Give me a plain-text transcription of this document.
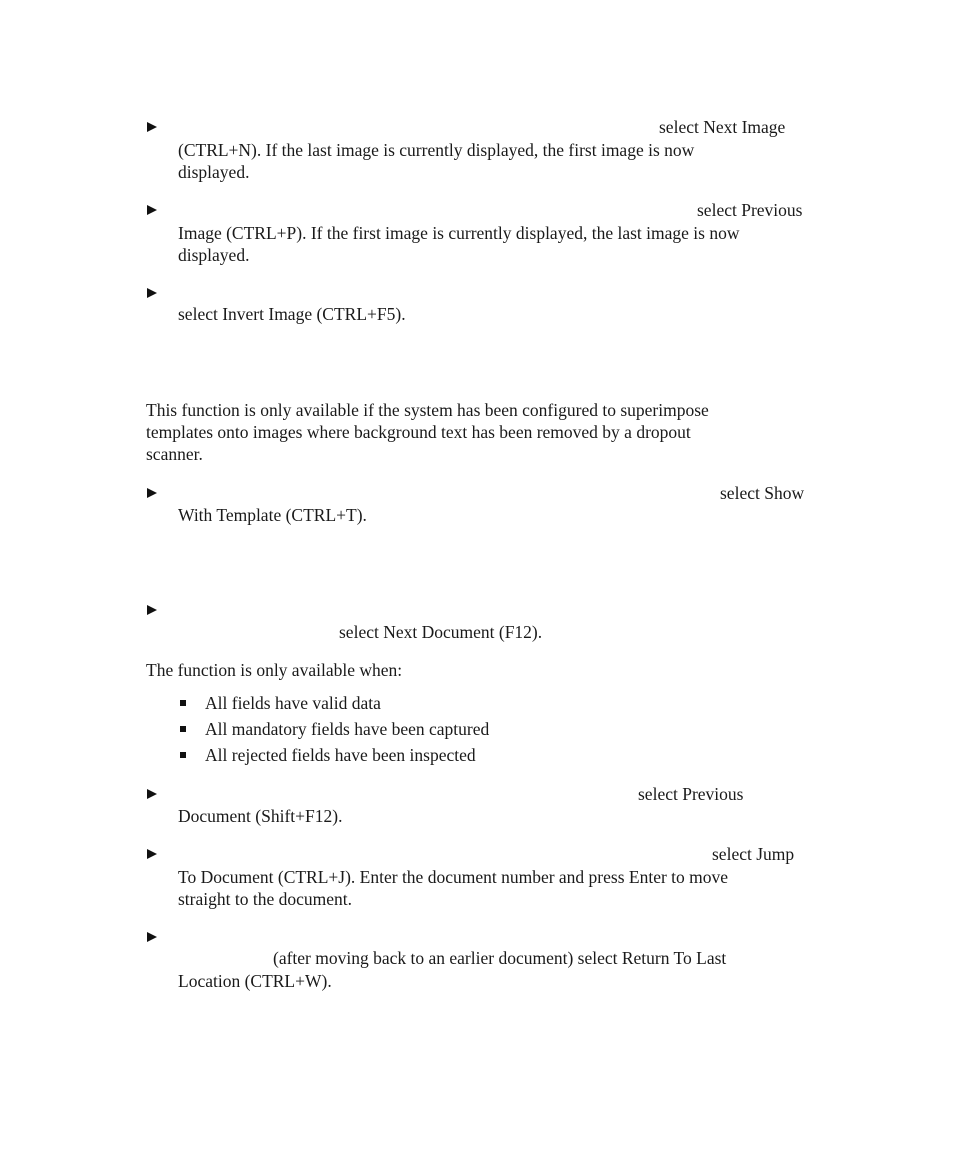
select Next Image
(CTRL+N). If the last image is currently displayed, the first image is now
displayed.
select Previous
Image (CTRL+P). If the first image is currently displayed, the last image is now
displayed.
select Invert Image (CTRL+F5).
This function is only available if the system has been configured to superimpose
templates onto images where background text has been removed by a dropout
scanner.
select Show
With Template (CTRL+T).
select Next Document (F12).
The function is only available when:
All fields have valid data
All mandatory fields have been captured
All rejected fields have been inspected
select Previous
Document (Shift+F12).
select Jump
To Document (CTRL+J). Enter the document number and press Enter to move
straight to the document.
(after moving back to an earlier document) select Return To Last
Location (CTRL+W).
